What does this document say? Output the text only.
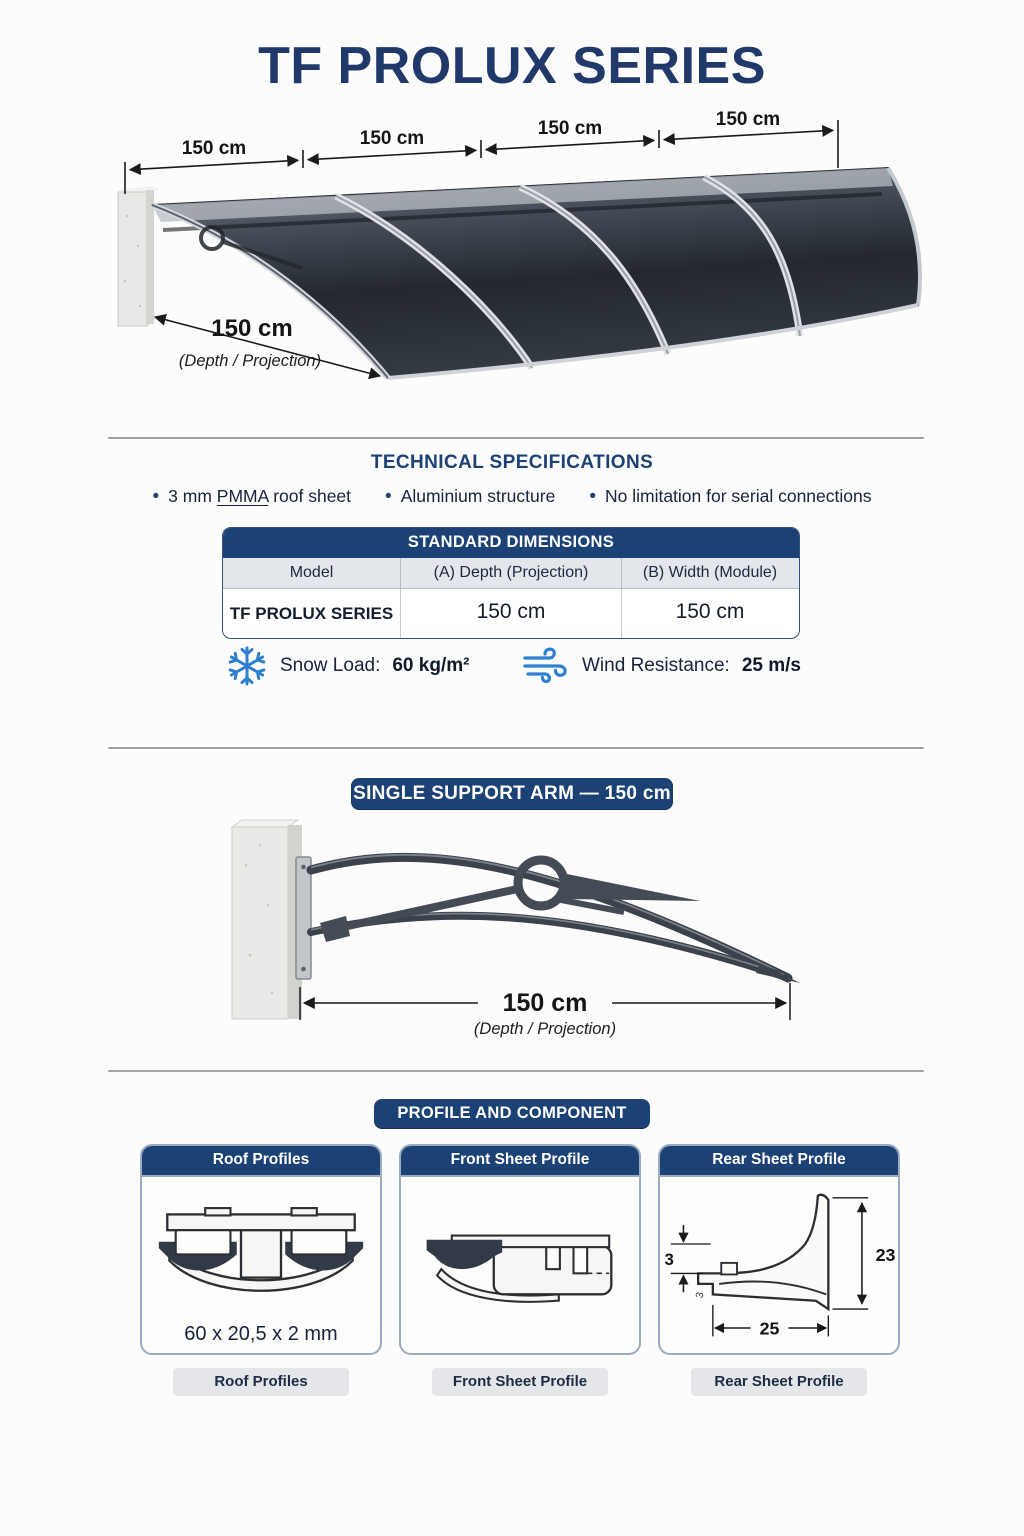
TF PROLUX SERIES
150 cm	150 cm	150 cm	150 cm
150 cm
(Depth / Projection)
TECHNICAL SPECIFICATIONS
• 3 mm PMMA roof sheet • Aluminium structure • No limitation for serial connections
STANDARD DIMENSIONS
Model	(A) Depth (Projection)	(B) Width (Module)
TF PROLUX SERIES	150 cm	150 cm
Snow Load: 60 kg/m²	Wind Resistance: 25 m/s
SINGLE SUPPORT ARM — 150 cm
150 cm
(Depth / Projection)
PROFILE AND COMPONENT
Roof Profiles
60 x 20,5 x 2 mm
Roof Profiles
Front Sheet Profile
Front Sheet Profile
Rear Sheet Profile
23
3
3
25
Rear Sheet Profile
